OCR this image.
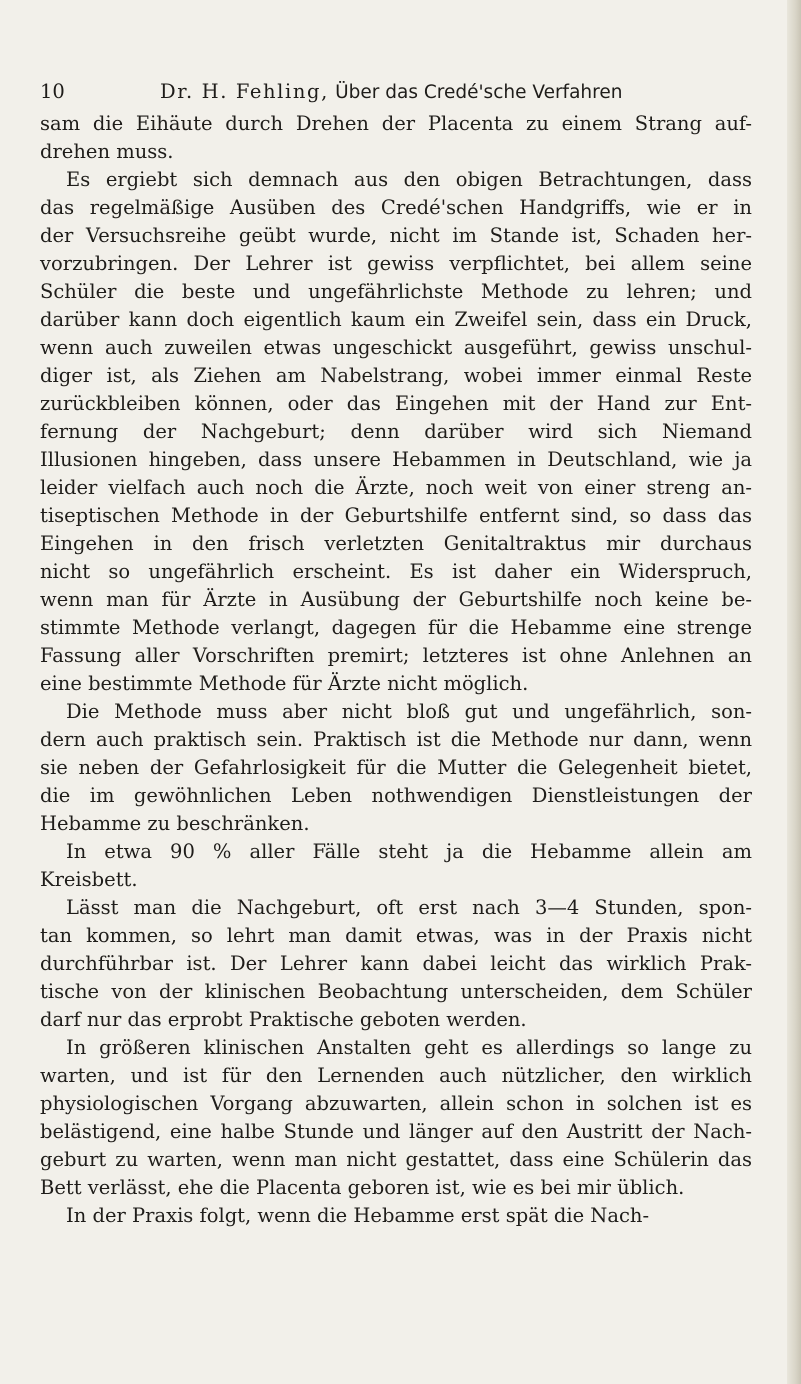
10	Dr. H. Fehling, Über das Credé'sche Verfahren
sam die Eihäute durch Drehen der Placenta zu einem Strang auf-
drehen muss.
Es ergiebt sich demnach aus den obigen Betrachtungen, dass
das regelmäßige Ausüben des Credé'schen Handgriffs, wie er in
der Versuchsreihe geübt wurde, nicht im Stande ist, Schaden her-
vorzubringen. Der Lehrer ist gewiss verpflichtet, bei allem seine
Schüler die beste und ungefährlichste Methode zu lehren; und
darüber kann doch eigentlich kaum ein Zweifel sein, dass ein Druck,
wenn auch zuweilen etwas ungeschickt ausgeführt, gewiss unschul-
diger ist, als Ziehen am Nabelstrang, wobei immer einmal Reste
zurückbleiben können, oder das Eingehen mit der Hand zur Ent-
fernung der Nachgeburt; denn darüber wird sich Niemand
Illusionen hingeben, dass unsere Hebammen in Deutschland, wie ja
leider vielfach auch noch die Ärzte, noch weit von einer streng an-
tiseptischen Methode in der Geburtshilfe entfernt sind, so dass das
Eingehen in den frisch verletzten Genitaltraktus mir durchaus
nicht so ungefährlich erscheint. Es ist daher ein Widerspruch,
wenn man für Ärzte in Ausübung der Geburtshilfe noch keine be-
stimmte Methode verlangt, dagegen für die Hebamme eine strenge
Fassung aller Vorschriften premirt; letzteres ist ohne Anlehnen an
eine bestimmte Methode für Ärzte nicht möglich.
Die Methode muss aber nicht bloß gut und ungefährlich, son-
dern auch praktisch sein. Praktisch ist die Methode nur dann, wenn
sie neben der Gefahrlosigkeit für die Mutter die Gelegenheit bietet,
die im gewöhnlichen Leben nothwendigen Dienstleistungen der
Hebamme zu beschränken.
In etwa 90 % aller Fälle steht ja die Hebamme allein am
Kreisbett.
Lässt man die Nachgeburt, oft erst nach 3—4 Stunden, spon-
tan kommen, so lehrt man damit etwas, was in der Praxis nicht
durchführbar ist. Der Lehrer kann dabei leicht das wirklich Prak-
tische von der klinischen Beobachtung unterscheiden, dem Schüler
darf nur das erprobt Praktische geboten werden.
In größeren klinischen Anstalten geht es allerdings so lange zu
warten, und ist für den Lernenden auch nützlicher, den wirklich
physiologischen Vorgang abzuwarten, allein schon in solchen ist es
belästigend, eine halbe Stunde und länger auf den Austritt der Nach-
geburt zu warten, wenn man nicht gestattet, dass eine Schülerin das
Bett verlässt, ehe die Placenta geboren ist, wie es bei mir üblich.
In der Praxis folgt, wenn die Hebamme erst spät die Nach-
